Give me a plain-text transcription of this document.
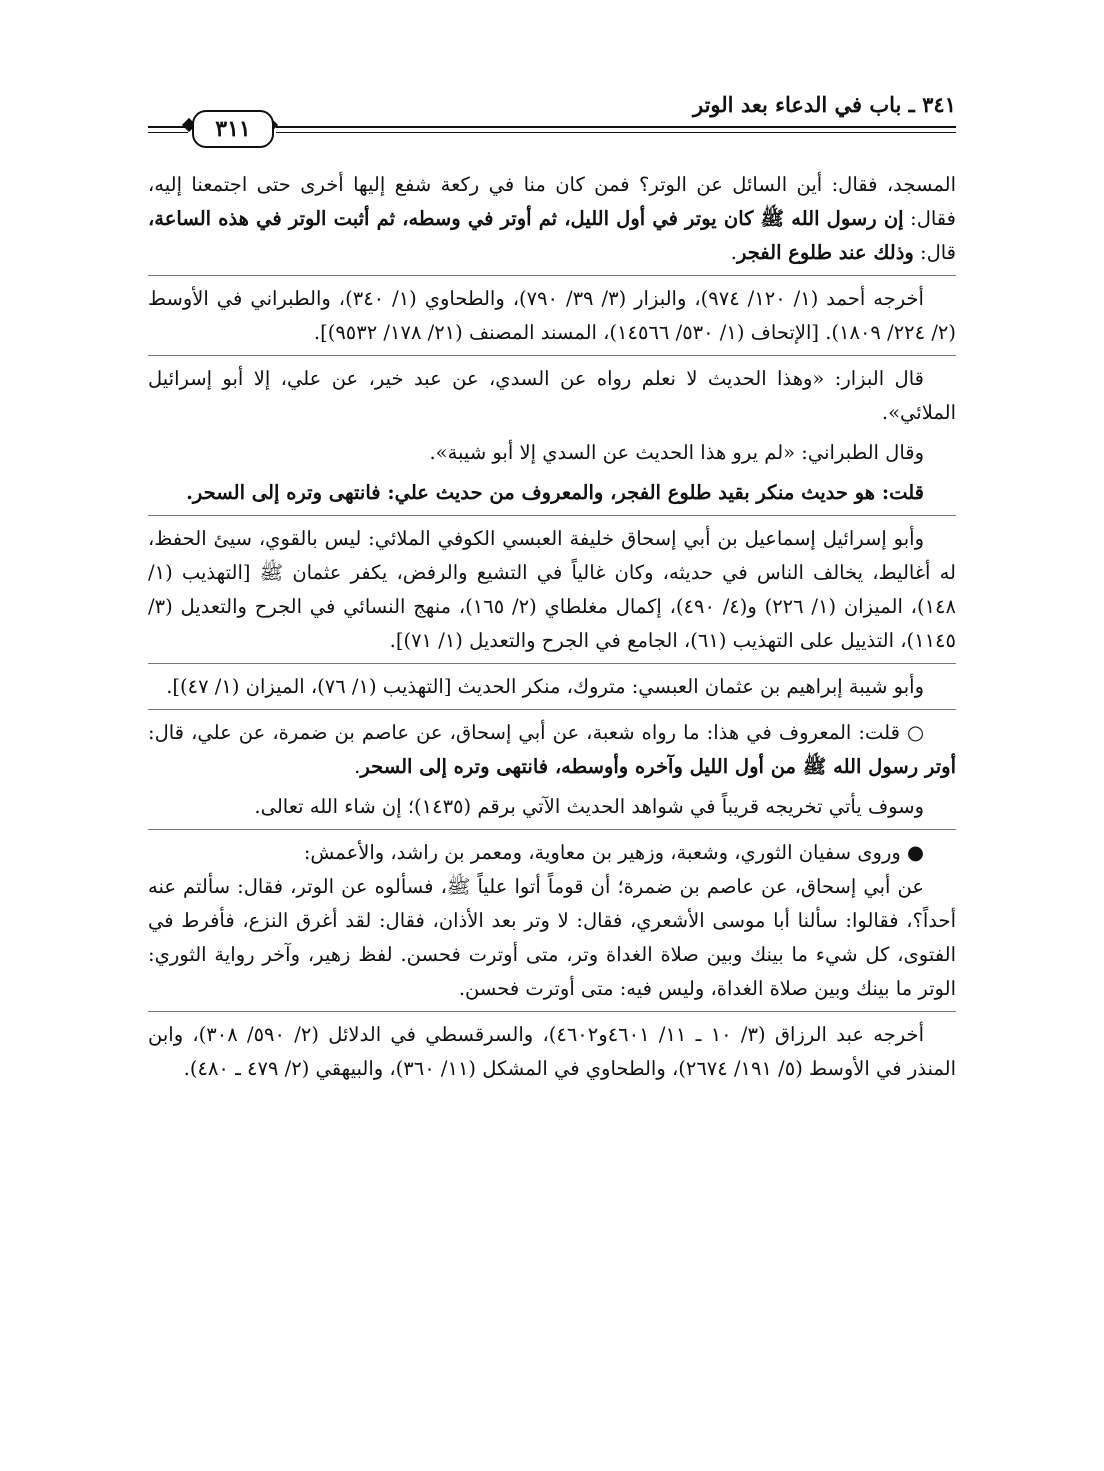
٣٤١ ـ باب في الدعاء بعد الوتر
٣١١

المسجد، فقال: أين السائل عن الوتر؟ فمن كان منا في ركعة شفع إليها أخرى حتى اجتمعنا إليه، فقال: إن رسول الله ﷺ كان يوتر في أول الليل، ثم أوتر في وسطه، ثم أثبت الوتر في هذه الساعة، قال: وذلك عند طلوع الفجر.

أخرجه أحمد (١/ ١٢٠/ ٩٧٤)، والبزار (٣/ ٣٩/ ٧٩٠)، والطحاوي (١/ ٣٤٠)، والطبراني في الأوسط (٢/ ٢٢٤/ ١٨٠٩). [الإتحاف (١/ ٥٣٠/ ١٤٥٦٦)، المسند المصنف (٢١/ ١٧٨/ ٩٥٣٢)].

قال البزار: «وهذا الحديث لا نعلم رواه عن السدي، عن عبد خير، عن علي، إلا أبو إسرائيل الملائي».

وقال الطبراني: «لم يرو هذا الحديث عن السدي إلا أبو شيبة».

قلت: هو حديث منكر بقيد طلوع الفجر، والمعروف من حديث علي: فانتهى وتره إلى السحر.

وأبو إسرائيل إسماعيل بن أبي إسحاق خليفة العبسي الكوفي الملائي: ليس بالقوي، سيئ الحفظ، له أغاليط، يخالف الناس في حديثه، وكان غالياً في التشيع والرفض، يكفر عثمان ﷺ [التهذيب (١/ ١٤٨)، الميزان (١/ ٢٢٦) و(٤/ ٤٩٠)، إكمال مغلطاي (٢/ ١٦٥)، منهج النسائي في الجرح والتعديل (٣/ ١١٤٥)، التذييل على التهذيب (٦١)، الجامع في الجرح والتعديل (١/ ٧١)].

وأبو شيبة إبراهيم بن عثمان العبسي: متروك، منكر الحديث [التهذيب (١/ ٧٦)، الميزان (١/ ٤٧)].

○ قلت: المعروف في هذا: ما رواه شعبة، عن أبي إسحاق، عن عاصم بن ضمرة، عن علي، قال: أوتر رسول الله ﷺ من أول الليل وآخره وأوسطه، فانتهى وتره إلى السحر.

وسوف يأتي تخريجه قريباً في شواهد الحديث الآتي برقم (١٤٣٥)؛ إن شاء الله تعالى.

● وروى سفيان الثوري، وشعبة، وزهير بن معاوية، ومعمر بن راشد، والأعمش:

عن أبي إسحاق، عن عاصم بن ضمرة؛ أن قوماً أتوا علياً ﷺ، فسألوه عن الوتر، فقال: سألتم عنه أحداً؟، فقالوا: سألنا أبا موسى الأشعري، فقال: لا وتر بعد الأذان، فقال: لقد أغرق النزع، فأفرط في الفتوى، كل شيء ما بينك وبين صلاة الغداة وتر، متى أوترت فحسن. لفظ زهير، وآخر رواية الثوري: الوتر ما بينك وبين صلاة الغداة، وليس فيه: متى أوترت فحسن.

أخرجه عبد الرزاق (٣/ ١٠ ـ ١١/ ٤٦٠١و٤٦٠٢)، والسرقسطي في الدلائل (٢/ ٥٩٠/ ٣٠٨)، وابن المنذر في الأوسط (٥/ ١٩١/ ٢٦٧٤)، والطحاوي في المشكل (١١/ ٣٦٠)، والبيهقي (٢/ ٤٧٩ ـ ٤٨٠).
